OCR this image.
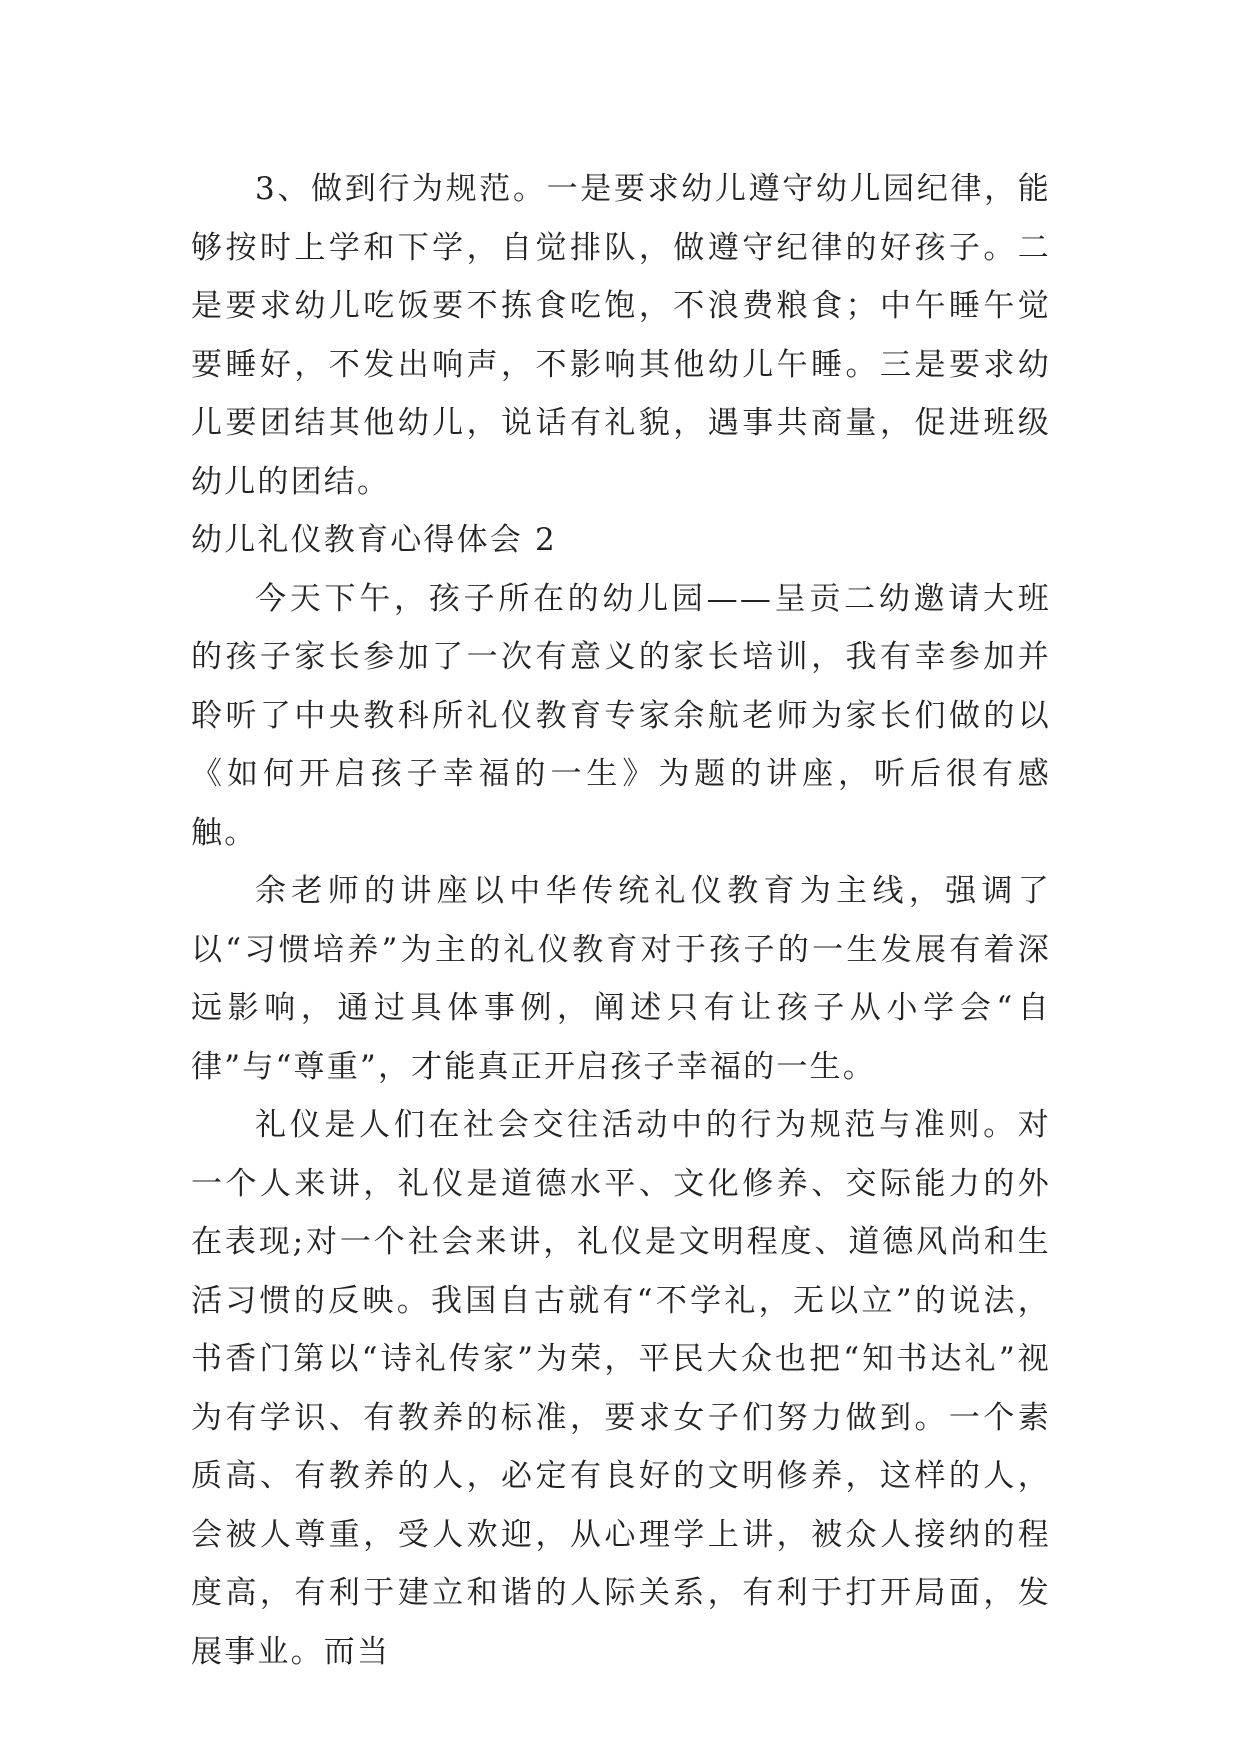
3、做到行为规范。一是要求幼儿遵守幼儿园纪律，能够按时上学和下学，自觉排队，做遵守纪律的好孩子。二是要求幼儿吃饭要不拣食吃饱，不浪费粮食；中午睡午觉要睡好，不发出响声，不影响其他幼儿午睡。三是要求幼儿要团结其他幼儿，说话有礼貌，遇事共商量，促进班级幼儿的团结。

幼儿礼仪教育心得体会 2

今天下午，孩子所在的幼儿园——呈贡二幼邀请大班的孩子家长参加了一次有意义的家长培训，我有幸参加并聆听了中央教科所礼仪教育专家余航老师为家长们做的以《如何开启孩子幸福的一生》为题的讲座，听后很有感触。

余老师的讲座以中华传统礼仪教育为主线，强调了以“习惯培养”为主的礼仪教育对于孩子的一生发展有着深远影响，通过具体事例，阐述只有让孩子从小学会“自律”与“尊重”，才能真正开启孩子幸福的一生。

礼仪是人们在社会交往活动中的行为规范与准则。对一个人来讲，礼仪是道德水平、文化修养、交际能力的外在表现;对一个社会来讲，礼仪是文明程度、道德风尚和生活习惯的反映。我国自古就有“不学礼，无以立”的说法，书香门第以“诗礼传家”为荣，平民大众也把“知书达礼”视为有学识、有教养的标准，要求女子们努力做到。一个素质高、有教养的人，必定有良好的文明修养，这样的人，会被人尊重，受人欢迎，从心理学上讲，被众人接纳的程度高，有利于建立和谐的人际关系，有利于打开局面，发展事业。而当
